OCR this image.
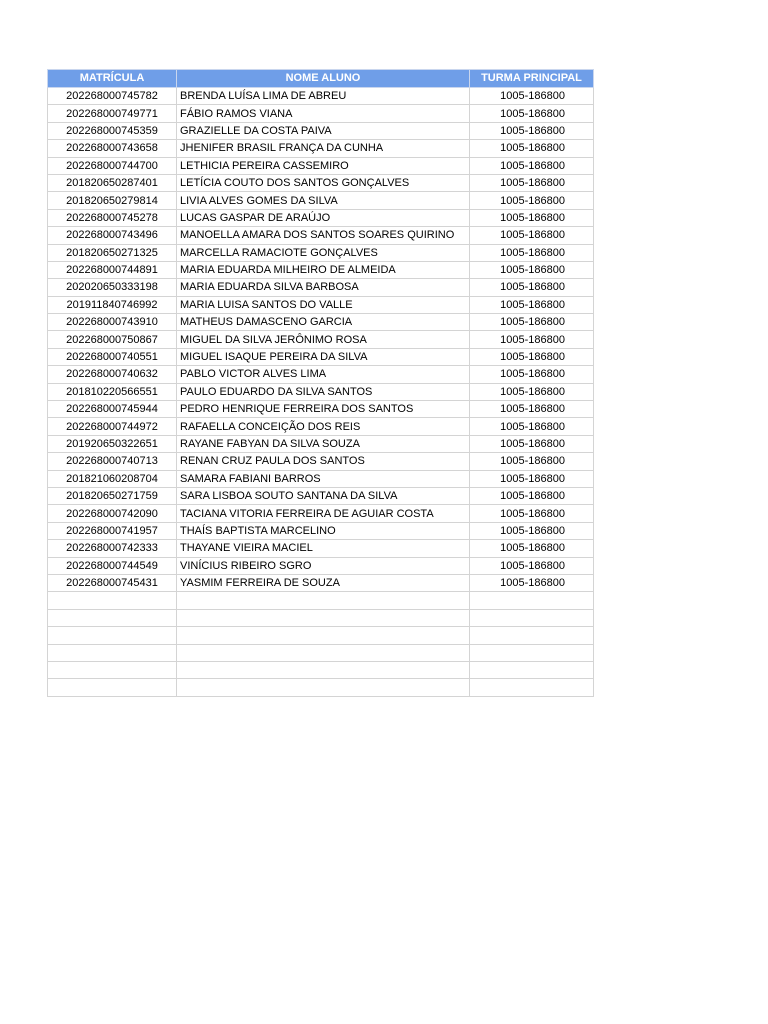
MATRÍCULA	NOME ALUNO	TURMA PRINCIPAL
202268000745782	BRENDA LUÍSA LIMA DE ABREU	1005-186800
202268000749771	FÁBIO RAMOS VIANA	1005-186800
202268000745359	GRAZIELLE DA COSTA PAIVA	1005-186800
202268000743658	JHENIFER BRASIL FRANÇA DA CUNHA	1005-186800
202268000744700	LETHICIA PEREIRA CASSEMIRO	1005-186800
201820650287401	LETÍCIA COUTO DOS SANTOS GONÇALVES	1005-186800
201820650279814	LIVIA ALVES GOMES DA SILVA	1005-186800
202268000745278	LUCAS GASPAR DE ARAÚJO	1005-186800
202268000743496	MANOELLA AMARA DOS SANTOS SOARES QUIRINO	1005-186800
201820650271325	MARCELLA RAMACIOTE GONÇALVES	1005-186800
202268000744891	MARIA EDUARDA MILHEIRO DE ALMEIDA	1005-186800
202020650333198	MARIA EDUARDA SILVA BARBOSA	1005-186800
201911840746992	MARIA LUISA SANTOS DO VALLE	1005-186800
202268000743910	MATHEUS DAMASCENO GARCIA	1005-186800
202268000750867	MIGUEL DA SILVA JERÔNIMO ROSA	1005-186800
202268000740551	MIGUEL ISAQUE PEREIRA DA SILVA	1005-186800
202268000740632	PABLO VICTOR ALVES LIMA	1005-186800
201810220566551	PAULO EDUARDO DA SILVA SANTOS	1005-186800
202268000745944	PEDRO HENRIQUE FERREIRA DOS SANTOS	1005-186800
202268000744972	RAFAELLA CONCEIÇÃO DOS REIS	1005-186800
201920650322651	RAYANE FABYAN DA SILVA SOUZA	1005-186800
202268000740713	RENAN CRUZ PAULA DOS SANTOS	1005-186800
201821060208704	SAMARA FABIANI BARROS	1005-186800
201820650271759	SARA LISBOA SOUTO SANTANA DA SILVA	1005-186800
202268000742090	TACIANA VITORIA FERREIRA DE AGUIAR COSTA	1005-186800
202268000741957	THAÍS BAPTISTA MARCELINO	1005-186800
202268000742333	THAYANE VIEIRA MACIEL	1005-186800
202268000744549	VINÍCIUS RIBEIRO SGRO	1005-186800
202268000745431	YASMIM FERREIRA DE SOUZA	1005-186800
